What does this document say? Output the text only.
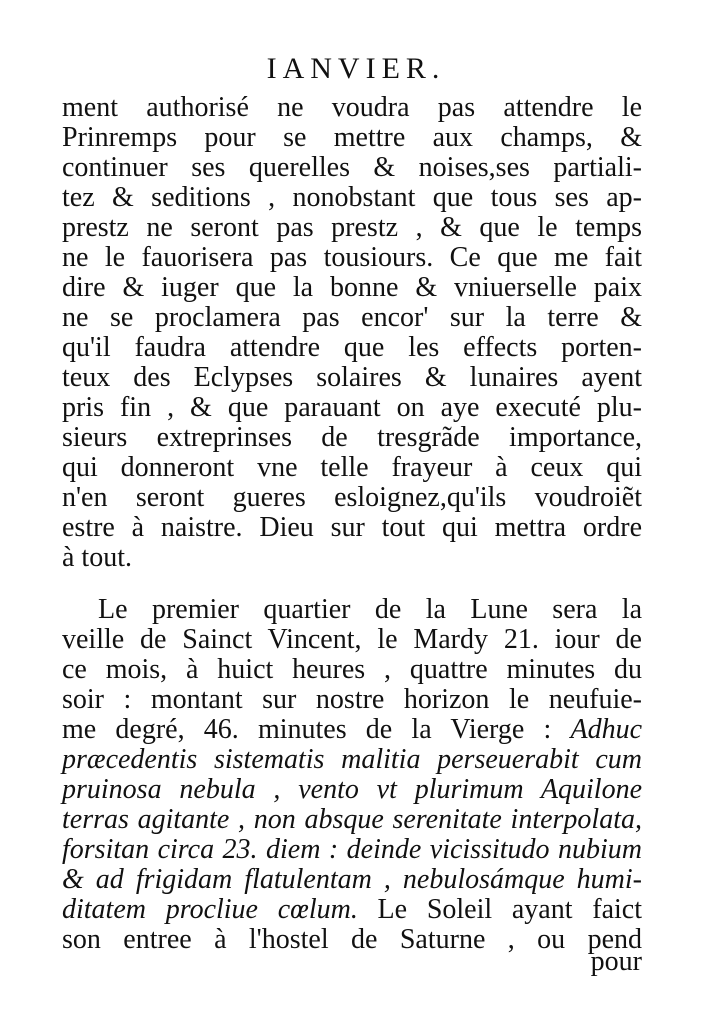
IANVIER.
ment authorisé ne voudra pas attendre le
Prinremps pour se mettre aux champs, &
continuer ses querelles & noises,ses partiali-
tez & seditions , nonobstant que tous ses ap-
prestz ne seront pas prestz , & que le temps
ne le fauorisera pas tousiours. Ce que me fait
dire & iuger que la bonne & vniuerselle paix
ne se proclamera pas encor' sur la terre &
qu'il faudra attendre que les effects porten-
teux des Eclypses solaires & lunaires ayent
pris fin , & que parauant on aye executé plu-
sieurs extreprinses de tresgrãde importance,
qui donneront vne telle frayeur à ceux qui
n'en seront gueres esloignez,qu'ils voudroiẽt
estre à naistre. Dieu sur tout qui mettra ordre
à tout.
Le premier quartier de la Lune sera la
veille de Sainct Vincent, le Mardy 21. iour de
ce mois, à huict heures , quattre minutes du
soir : montant sur nostre horizon le neufuie-
me degré, 46. minutes de la Vierge : Adhuc
præcedentis sistematis malitia perseuerabit cum
pruinosa nebula , vento vt plurimum Aquilone
terras agitante , non absque serenitate interpolata,
forsitan circa 23. diem : deinde vicissitudo nubium
& ad frigidam flatulentam , nebulosámque humi-
ditatem procliue cœlum. Le Soleil ayant faict
son entree à l'hostel de Saturne , ou pend
pour
